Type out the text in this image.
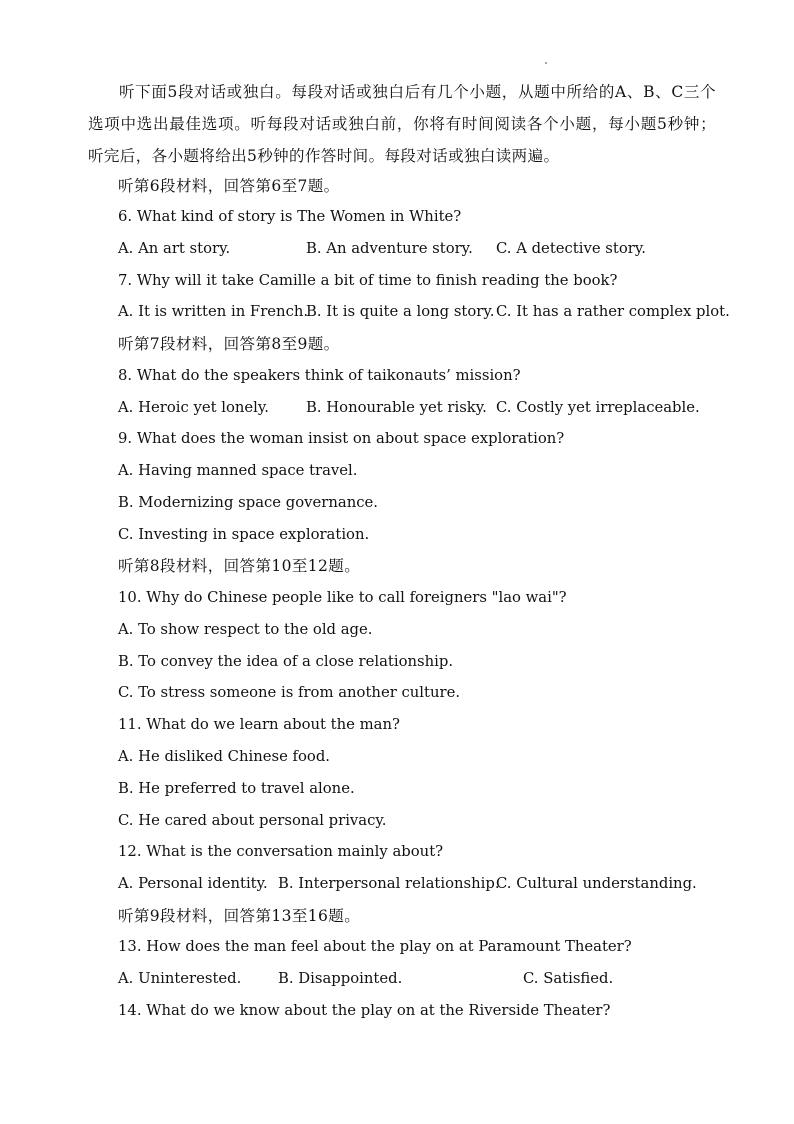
听下面5段对话或独白。每段对话或独白后有几个小题，从题中所给的A、B、C三个选项中选出最佳选项。听每段对话或独白前，你将有时间阅读各个小题，每小题5秒钟；听完后，各小题将给出5秒钟的作答时间。每段对话或独白读两遍。
听第6段材料，回答第6至7题。
6. What kind of story is The Women in White?
A. An art story.	B. An adventure story. C. A detective story.
7. Why will it take Camille a bit of time to finish reading the book?
A. It is written in French.
B. It is quite a long story. C. It has a rather complex plot.
听第7段材料，回答第8至9题。
8. What do the speakers think of taikonauts’ mission?
A. Heroic yet lonely.	B. Honourable yet risky. C. Costly yet irreplaceable.
9. What does the woman insist on about space exploration?
A. Having manned space travel.
B. Modernizing space governance.
C. Investing in space exploration.
听第8段材料，回答第10至12题。
10. Why do Chinese people like to call foreigners "lao wai"?
A. To show respect to the old age.
B. To convey the idea of a close relationship.
C. To stress someone is from another culture.
11. What do we learn about the man?
A. He disliked Chinese food.
B. He preferred to travel alone.
C. He cared about personal privacy.
12. What is the conversation mainly about?
A. Personal identity. B. Interpersonal relationship.
C. Cultural understanding.
听第9段材料，回答第13至16题。
13. How does the man feel about the play on at Paramount Theater?
A. Uninterested. B. Disappointed.	C. Satisfied.
14. What do we know about the play on at the Riverside Theater?
